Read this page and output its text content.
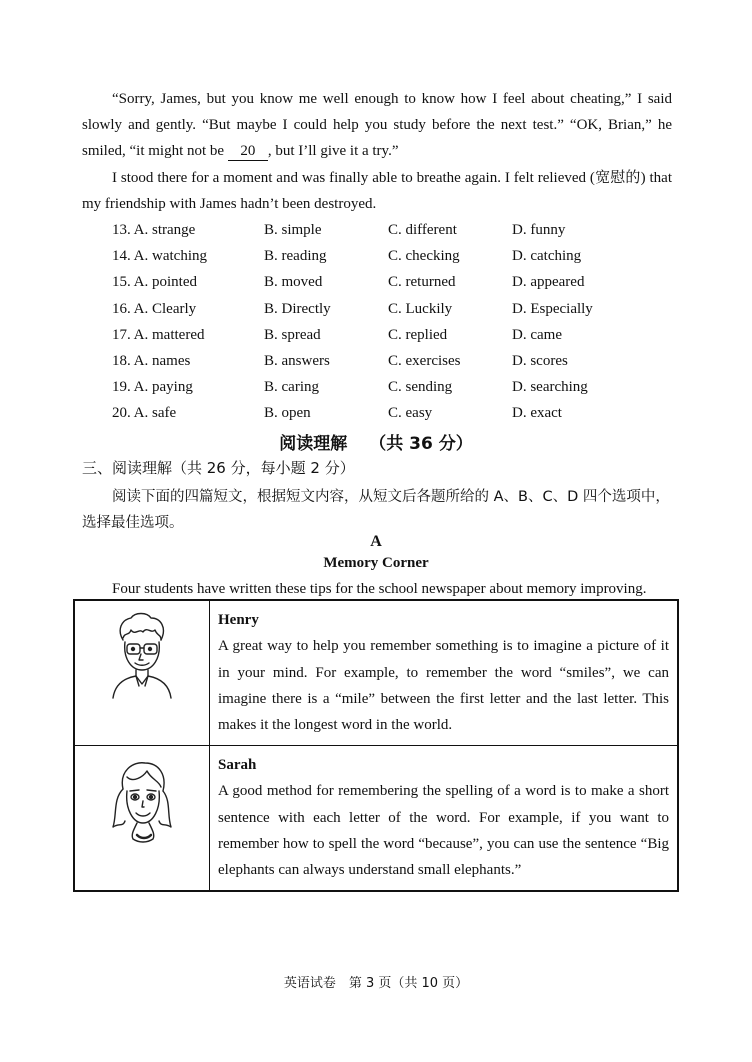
“Sorry, James, but you know me well enough to know how I feel about cheating,” I said slowly and gently. “But maybe I could help you study before the next test.” “OK, Brian,” he smiled, “it might not be 20 , but I’ll give it a try.”
I stood there for a moment and was finally able to breathe again. I felt relieved (宽慰的) that my friendship with James hadn’t been destroyed.
13. A. strange	B. simple	C. different	D. funny
14. A. watching	B. reading	C. checking	D. catching
15. A. pointed	B. moved	C. returned	D. appeared
16. A. Clearly	B. Directly	C. Luckily	D. Especially
17. A. mattered	B. spread	C. replied	D. came
18. A. names	B. answers	C. exercises	D. scores
19. A. paying	B. caring	C. sending	D. searching
20. A. safe	B. open	C. easy	D. exact
阅读理解 （共 36 分）
三、阅读理解（共 26 分，每小题 2 分）
阅读下面的四篇短文，根据短文内容，从短文后各题所给的 A、B、C、D 四个选项中，选择最佳选项。
A
Memory Corner
Four students have written these tips for the school newspaper about memory improving.

Henry
A great way to help you remember something is to imagine a picture of it in your mind. For example, to remember the word “smiles”, we can imagine there is a “mile” between the first letter and the last letter. This makes it the longest word in the world.

Sarah
A good method for remembering the spelling of a word is to make a short sentence with each letter of the word. For example, if you want to remember how to spell the word “because”, you can use the sentence “Big elephants can always understand small elephants.”
英语试卷　第 3 页（共 10 页）
